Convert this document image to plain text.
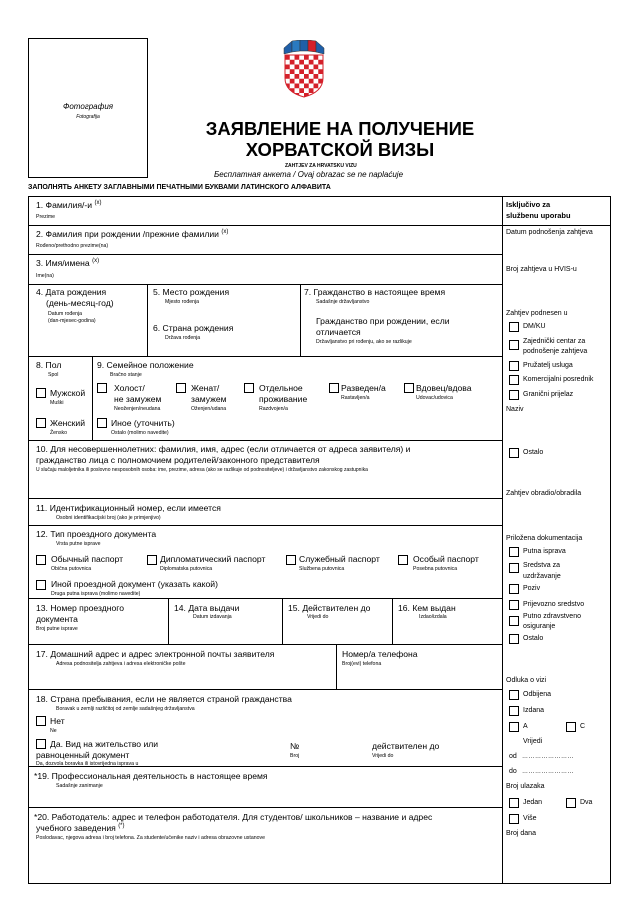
Фотография
Fotografija
ЗАЯВЛЕНИЕ НА ПОЛУЧЕНИЕ
ХОРВАТСКОЙ ВИЗЫ
ZAHTJEV ZA HRVATSKU VIZU
Бесплатная анкета / Ovaj obrazac se ne naplaćuje
ЗАПОЛНЯТЬ АНКЕТУ ЗАГЛАВНЫМИ ПЕЧАТНЫМИ БУКВАМИ ЛАТИНСКОГО АЛФАВИТА
1. Фамилия/-и $^{(x)}$
Prezime
2. Фамилия при рождении /прежние фамилии $^{(x)}$
Rođeno/prethodno prezime(na)
3. Имя/имена $^{(x)}$
Ime(na)
4. Дата рождения
(день-месяц-год)
Datum rođenja
(dan-mjesec-godina)
5. Место рождения
Mjesto rođenja
6. Страна рождения
Država rođenja
7. Гражданство в настоящее время
Sadašnje državljanstvo
Гражданство при рождении, если
отличается
Državljanstvo pri rođenju, ako se razlikuje
8. Пол
Spol
Мужской
Muški
Женский
Žensko
9. Семейное положение
Bračno stanje
Холост/
не замужем
Neoženjen/neudana
Женат/
замужем
Oženjen/udana
Отдельное
проживание
Razdvojen/a
Разведен/а
Rastavljen/a
Вдовец/вдова
Udovac/udovica
Иное (уточнить)
Ostalo (molimo navedite)
10. Для несовершеннолетних: фамилия, имя, адрес (если отличается от адреса заявителя) и
гражданство лица с полномочием родителей/законного представителя
U slučaju maloljetnika ili poslovno nesposobnih osoba: ime, prezime, adresa (ako se razlikuje od podnositeljeve) i državljanstvo zakonskog zastupnika
11. Идентификационный номер, если имеется
Osobni identifikacijski broj (ako je primjenjivo)
12. Тип проездного документа
Vrsta putne isprave
Обычный паспорт
Obična putovnica
Дипломатический паспорт
Diplomatska putovnica
Служебный паспорт
Službena putovnica
Особый паспорт
Posebna putovnica
Иной проездной документ (указать какой)
Druga putna isprava (molimo navedite)
13. Номер проездного
документа
Broj putne isprave
14. Дата выдачи
Datum izdavanja
15. Действителен до
Vrijedi do
16. Кем выдан
Izdao/izdala
17. Домашний адрес и адрес электронной почты заявителя
Adresa podnositelja zahtjeva i adresa elektroničke pošte
Номер/а телефона
Broj(evi) telefona
18. Страна пребывания, если не является страной гражданства
Boravak u zemlji različitoj od zemlje sadašnjeg državljanstva
Нет
Ne
Да. Вид на жительство или
равноценный документ
Da, dozvola boravka ili istovrijedna isprava u
№
Broj
действителен до
Vrijedi do
*19. Профессиональная деятельность в настоящее время
Sadašnje zanimanje
*20. Работодатель: адрес и телефон работодателя. Для студентов/ школьников – название и адрес
учебного заведения (*)
Poslodavac, njegova adresa i broj telefona. Za studente/učenike naziv i adresa obrazovne ustanove
Isključivo za
službenu uporabu
Datum podnošenja zahtjeva
Broj zahtjeva u HVIS-u
Zahtjev podnesen u
DM/KU
Zajednički centar za
podnošenje zahtjeva
Pružatelj usluga
Komercijalni posrednik
Granični prijelaz
Naziv
Ostalo
Zahtjev obradio/obradila
Priložena dokumentacija
Putna isprava
Sredstva za
uzdržavanje
Poziv
Prijevozno sredstvo
Putno zdravstveno
osiguranje
Ostalo
Odluka o vizi
Odbijena
Izdana
A	C
Vrijedi
od ……………………
do ……………………
Broj ulazaka
Jedan	Dva
Više
Broj dana
